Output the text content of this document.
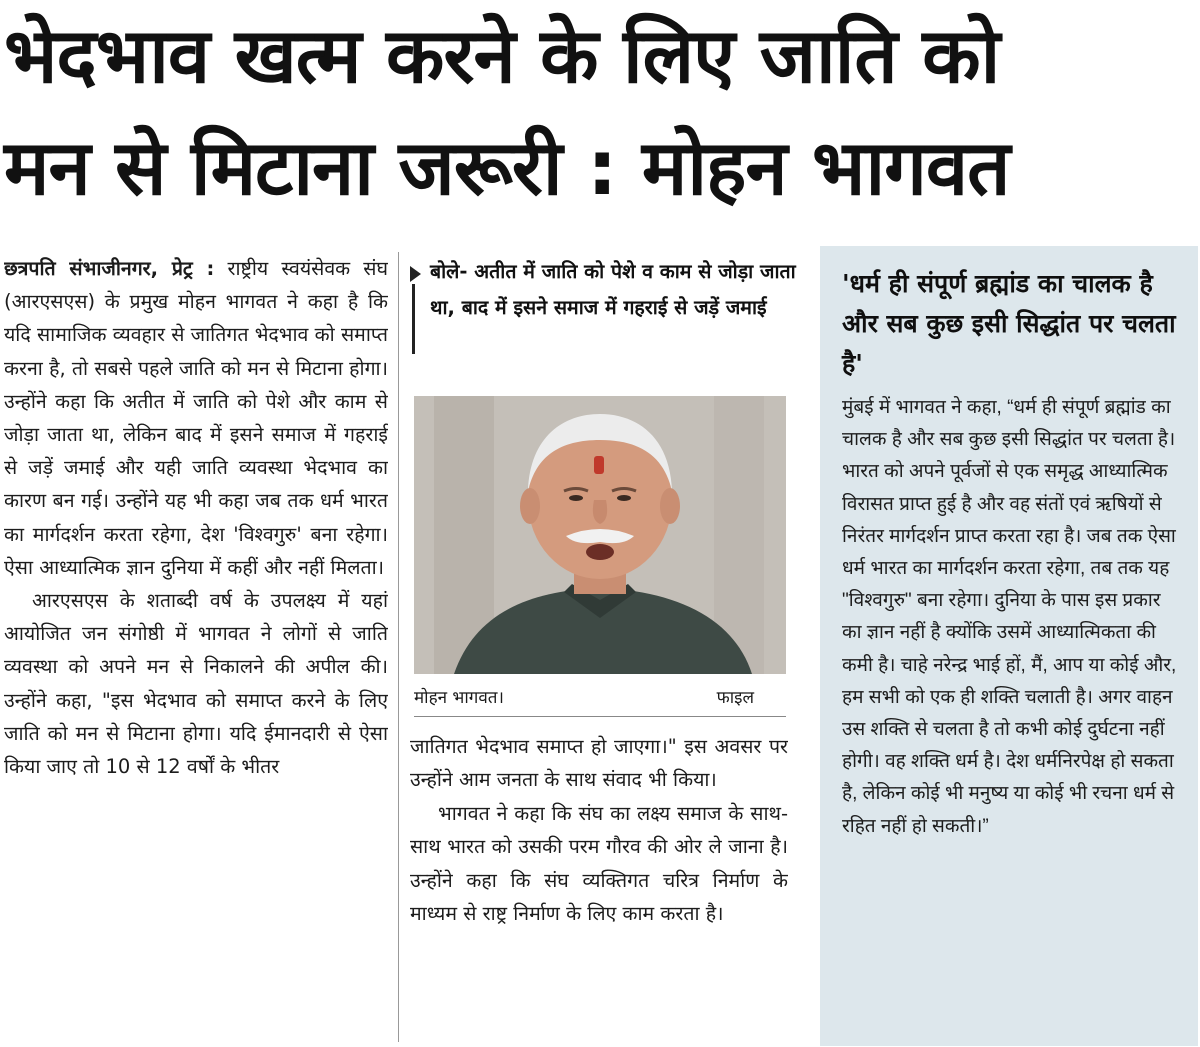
भेदभाव खत्म करने के लिए जाति को
मन से मिटाना जरूरी : मोहन भागवत

छत्रपति संभाजीनगर, प्रेट्र : राष्ट्रीय स्वयंसेवक संघ (आरएसएस) के प्रमुख मोहन भागवत ने कहा है कि यदि सामाजिक व्यवहार से जातिगत भेदभाव को समाप्त करना है, तो सबसे पहले जाति को मन से मिटाना होगा। उन्होंने कहा कि अतीत में जाति को पेशे और काम से जोड़ा जाता था, लेकिन बाद में इसने समाज में गहराई से जड़ें जमाई और यही जाति व्यवस्था भेदभाव का कारण बन गई। उन्होंने यह भी कहा जब तक धर्म भारत का मार्गदर्शन करता रहेगा, देश 'विश्वगुरु' बना रहेगा। ऐसा आध्यात्मिक ज्ञान दुनिया में कहीं और नहीं मिलता।

आरएसएस के शताब्दी वर्ष के उपलक्ष्य में यहां आयोजित जन संगोष्ठी में भागवत ने लोगों से जाति व्यवस्था को अपने मन से निकालने की अपील की। उन्होंने कहा, "इस भेदभाव को समाप्त करने के लिए जाति को मन से मिटाना होगा। यदि ईमानदारी से ऐसा किया जाए तो 10 से 12 वर्षों के भीतर

बोले- अतीत में जाति को पेशे व काम से जोड़ा जाता था, बाद में इसने समाज में गहराई से जड़ें जमाई
मोहन भागवत।	फाइल

जातिगत भेदभाव समाप्त हो जाएगा।" इस अवसर पर उन्होंने आम जनता के साथ संवाद भी किया।

भागवत ने कहा कि संघ का लक्ष्य समाज के साथ-साथ भारत को उसकी परम गौरव की ओर ले जाना है। उन्होंने कहा कि संघ व्यक्तिगत चरित्र निर्माण के माध्यम से राष्ट्र निर्माण के लिए काम करता है।

'धर्म ही संपूर्ण ब्रह्मांड का चालक है और सब कुछ इसी सिद्धांत पर चलता है'

मुंबई में भागवत ने कहा, “धर्म ही संपूर्ण ब्रह्मांड का चालक है और सब कुछ इसी सिद्धांत पर चलता है। भारत को अपने पूर्वजों से एक समृद्ध आध्यात्मिक विरासत प्राप्त हुई है और वह संतों एवं ऋषियों से निरंतर मार्गदर्शन प्राप्त करता रहा है। जब तक ऐसा धर्म भारत का मार्गदर्शन करता रहेगा, तब तक यह "विश्वगुरु" बना रहेगा। दुनिया के पास इस प्रकार का ज्ञान नहीं है क्योंकि उसमें आध्यात्मिकता की कमी है। चाहे नरेन्द्र भाई हों, मैं, आप या कोई और, हम सभी को एक ही शक्ति चलाती है। अगर वाहन उस शक्ति से चलता है तो कभी कोई दुर्घटना नहीं होगी। वह शक्ति धर्म है। देश धर्मनिरपेक्ष हो सकता है, लेकिन कोई भी मनुष्य या कोई भी रचना धर्म से रहित नहीं हो सकती।”
